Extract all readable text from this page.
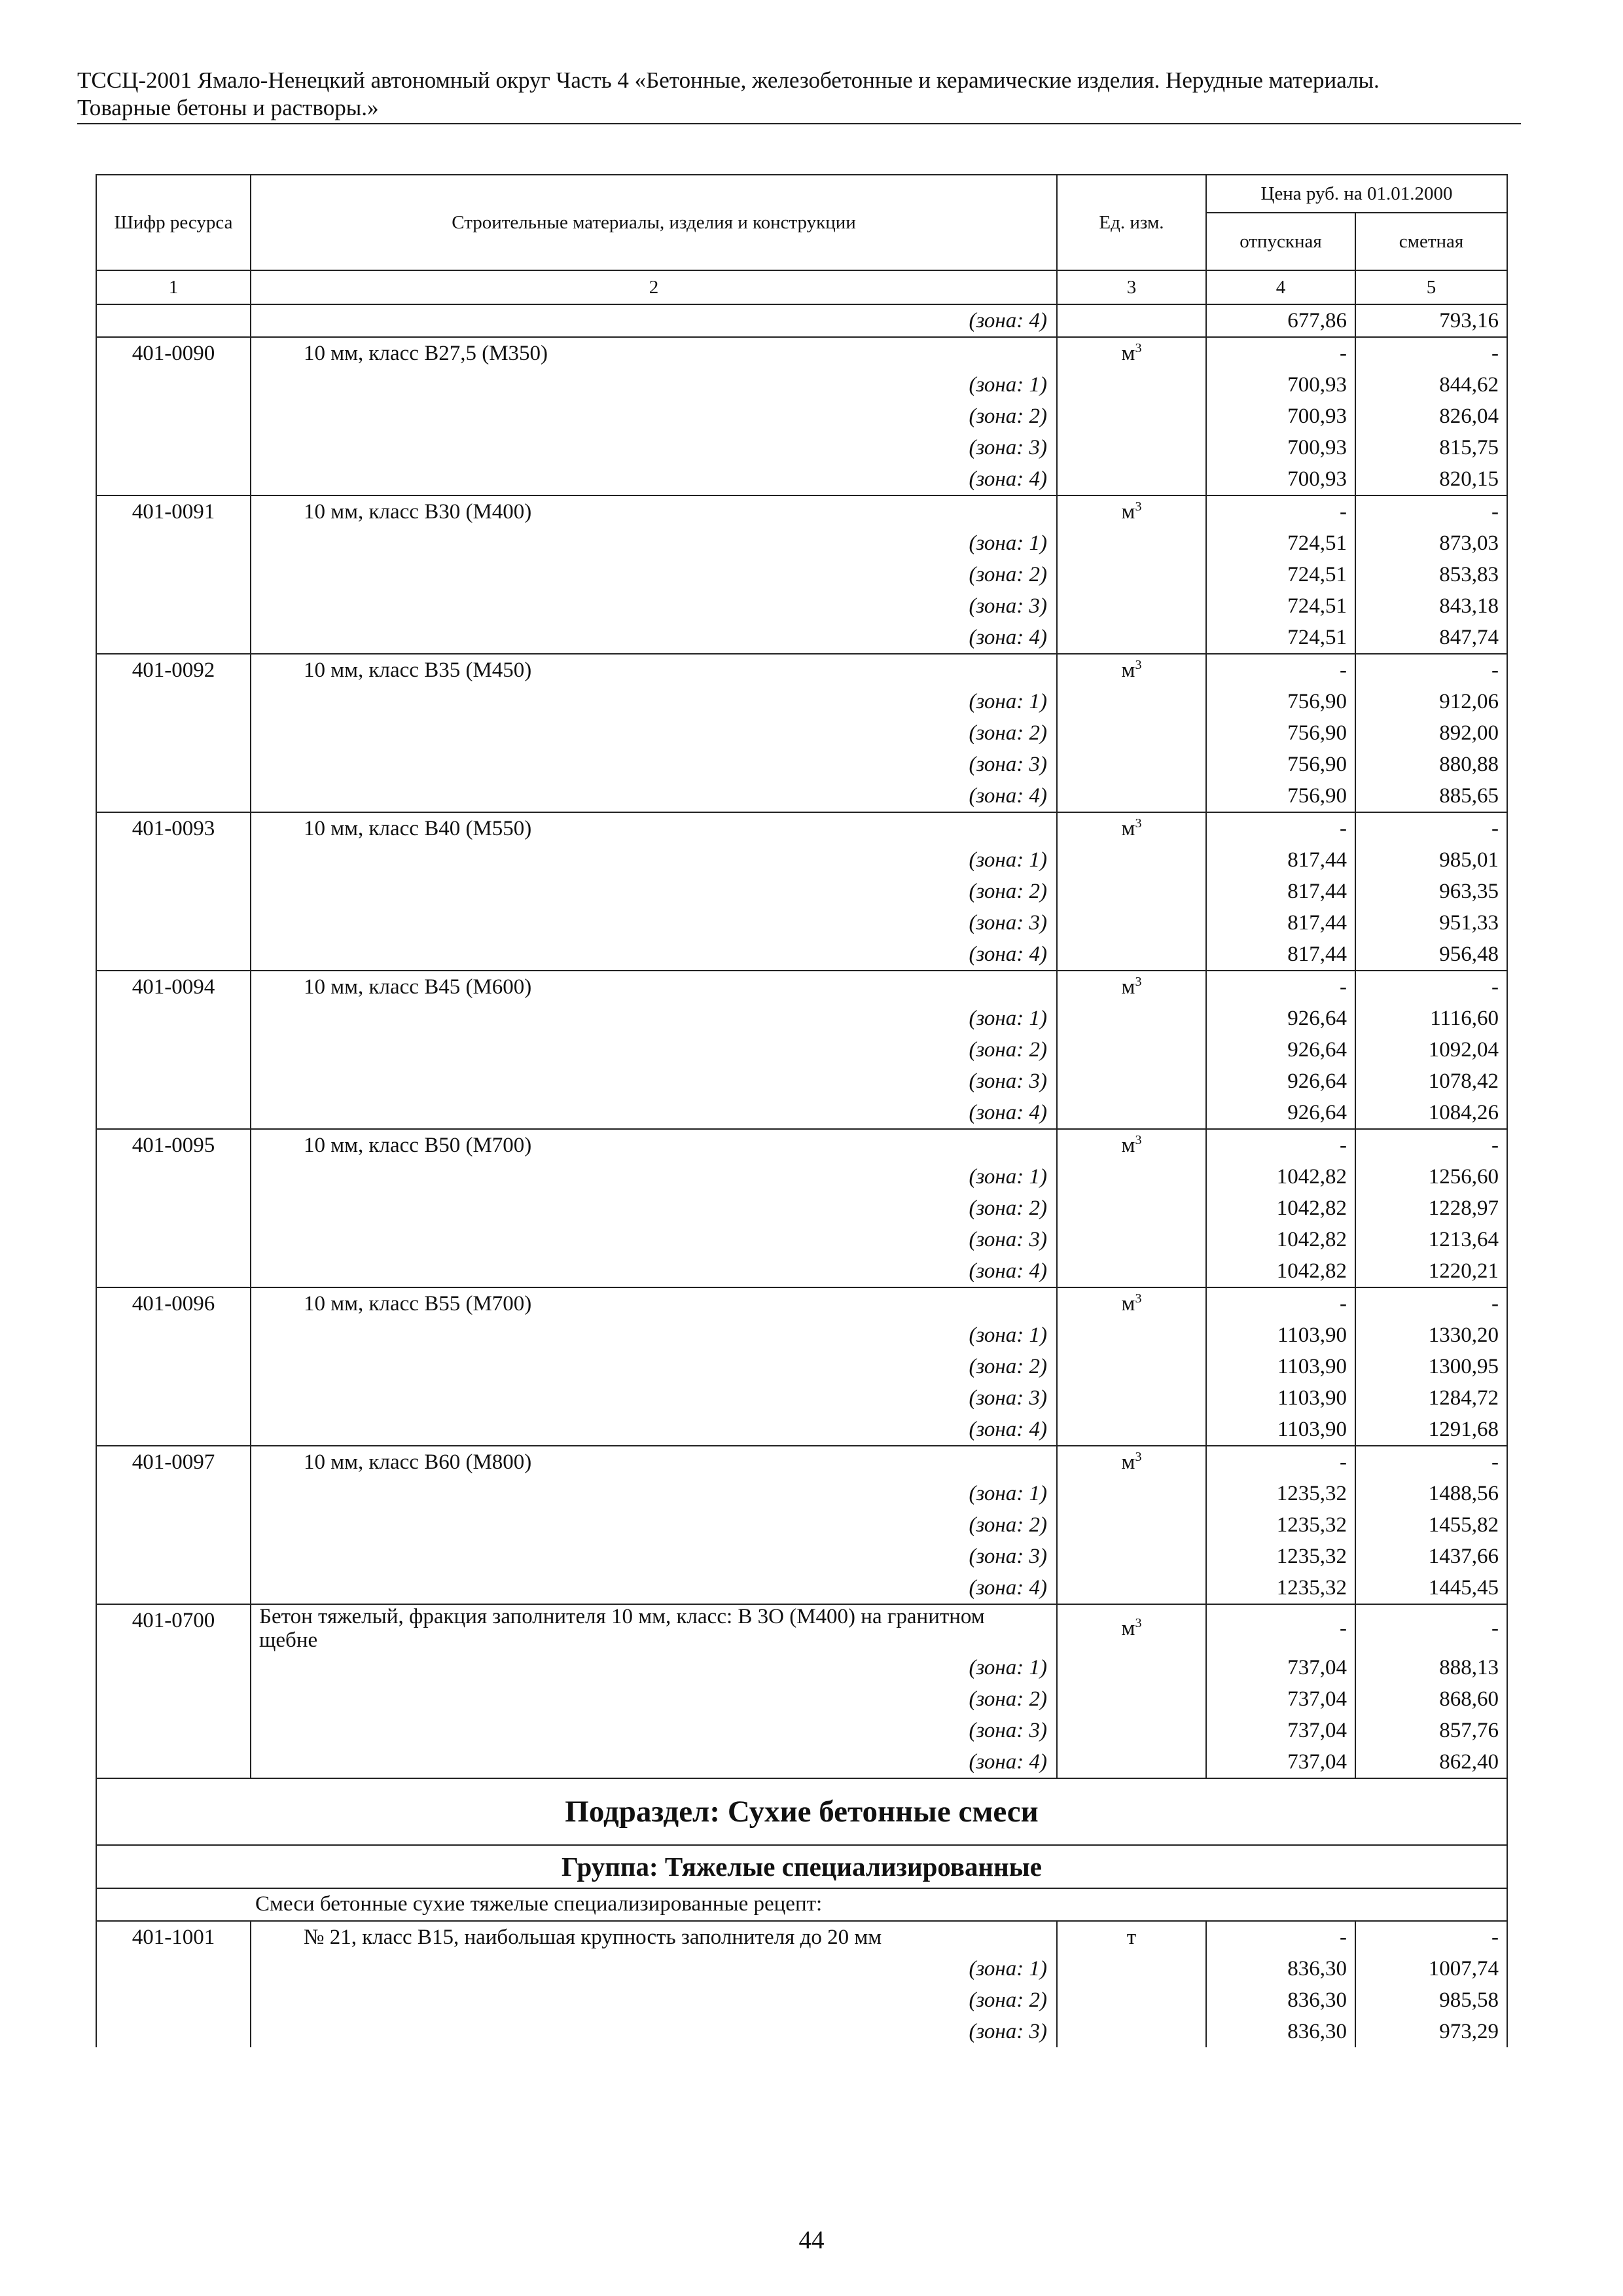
ТССЦ-2001 Ямало-Ненецкий автономный округ Часть 4 «Бетонные, железобетонные и керамические изделия. Нерудные материалы.
Товарные бетоны и растворы.»
Шифр ресурса	Строительные материалы, изделия и конструкции	Ед. изм.	Цена руб. на 01.01.2000	
			отпускная	сметная
1	2	3	4	5
	(зона: 4)		677,86	793,16
401-0090	10 мм, класс В27,5 (М350)	$м^3$	-	-
	(зона: 1)		700,93	844,62
	(зона: 2)		700,93	826,04
	(зона: 3)		700,93	815,75
	(зона: 4)		700,93	820,15
401-0091	10 мм, класс В30 (М400)	$м^3$	-	-
	(зона: 1)		724,51	873,03
	(зона: 2)		724,51	853,83
	(зона: 3)		724,51	843,18
	(зона: 4)		724,51	847,74
401-0092	10 мм, класс В35 (М450)	$м^3$	-	-
	(зона: 1)		756,90	912,06
	(зона: 2)		756,90	892,00
	(зона: 3)		756,90	880,88
	(зона: 4)		756,90	885,65
401-0093	10 мм, класс В40 (М550)	$м^3$	-	-
	(зона: 1)		817,44	985,01
	(зона: 2)		817,44	963,35
	(зона: 3)		817,44	951,33
	(зона: 4)		817,44	956,48
401-0094	10 мм, класс В45 (М600)	$м^3$	-	-
	(зона: 1)		926,64	1116,60
	(зона: 2)		926,64	1092,04
	(зона: 3)		926,64	1078,42
	(зона: 4)		926,64	1084,26
401-0095	10 мм, класс В50 (М700)	$м^3$	-	-
	(зона: 1)		1042,82	1256,60
	(зона: 2)		1042,82	1228,97
	(зона: 3)		1042,82	1213,64
	(зона: 4)		1042,82	1220,21
401-0096	10 мм, класс В55 (М700)	$м^3$	-	-
	(зона: 1)		1103,90	1330,20
	(зона: 2)		1103,90	1300,95
	(зона: 3)		1103,90	1284,72
	(зона: 4)		1103,90	1291,68
401-0097	10 мм, класс В60 (М800)	$м^3$	-	-
	(зона: 1)		1235,32	1488,56
	(зона: 2)		1235,32	1455,82
	(зона: 3)		1235,32	1437,66
	(зона: 4)		1235,32	1445,45
401-0700	Бетон тяжелый, фракция заполнителя 10 мм, класс: В 3О (М400) на гранитном щебне	$м^3$	-	-
	(зона: 1)		737,04	888,13
	(зона: 2)		737,04	868,60
	(зона: 3)		737,04	857,76
	(зона: 4)		737,04	862,40
Подраздел: Сухие бетонные смеси				
Группа: Тяжелые специализированные				
Смеси бетонные сухие тяжелые специализированные рецепт:				
401-1001	№ 21, класс В15, наибольшая крупность заполнителя до 20 мм	т	-	-
	(зона: 1)		836,30	1007,74
	(зона: 2)		836,30	985,58
	(зона: 3)		836,30	973,29
44
